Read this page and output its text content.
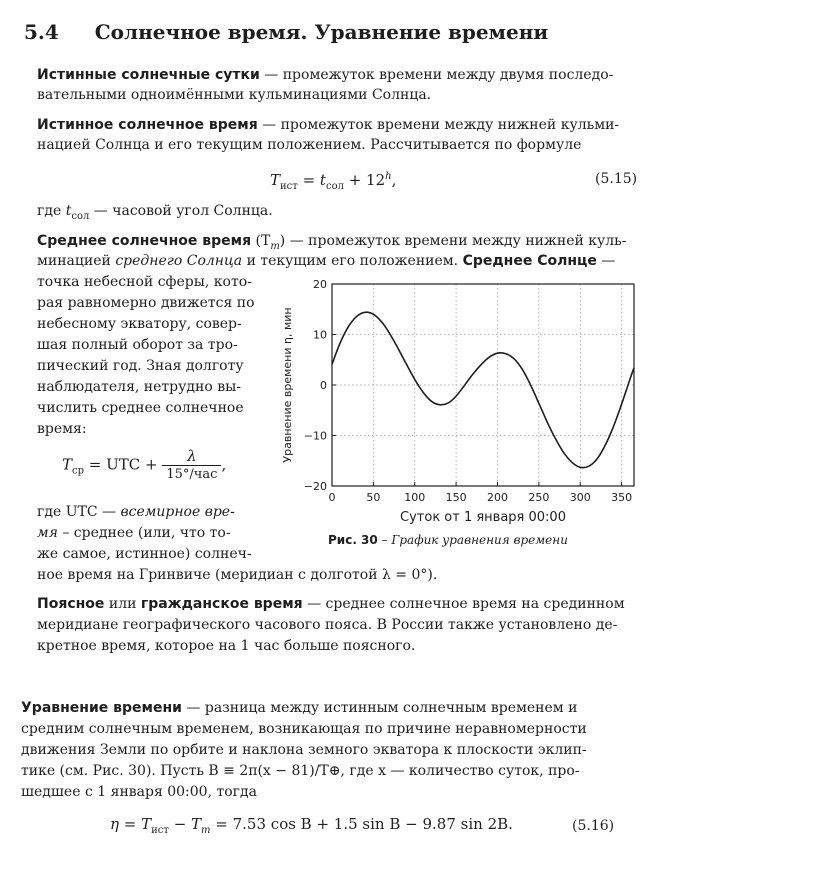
5.4 Солнечное время. Уравнение времени
Истинные солнечные сутки — промежуток времени между двумя последо-
вательными одноимёнными кульминациями Солнца.
Истинное солнечное время — промежуток времени между нижней кульми-
нацией Солнца и его текущим положением. Рассчитывается по формуле
$T_{ист} = t_{сол} + 12^h$,	(5.15)
где $t_{сол}$ — часовой угол Солнца.
Среднее солнечное время $(T_m)$ — промежуток времени между нижней куль-
минацией среднего Солнца и текущим его положением. Среднее Солнце —
точка небесной сферы, кото-
рая равномерно движется по
небесному экватору, совер-
шая полный оборот за тро-
пический год. Зная долготу
наблюдателя, нетрудно вы-
числить среднее солнечное
время:
$T_{ср}$ = UTC + $\frac{\lambda}{\text{15°/час}}$ ,
где UTC — всемирное вре-
мя – среднее (или, что то-
же самое, истинное) солнеч-
ное время на Гринвиче (меридиан с долготой λ = 0°).
Поясное или гражданское время — среднее солнечное время на срединном
меридиане географического часового пояса. В России также установлено де-
кретное время, которое на 1 час больше поясного.
Уравнение времени — разница между истинным солнечным временем и
средним солнечным временем, возникающая по причине неравномерности
движения Земли по орбите и наклона земного экватора к плоскости эклип-
тике (см. Рис. 30). Пусть B ≡ 2π(x − 81)/T⊕, где x — количество суток, про-
шедшее с 1 января 00:00, тогда
$\eta = T_{ист} - T_m = 7.53$ cos B + 1.5 sin B − 9.87 sin 2B.	(5.16)
0	50 100 150 200 250 300 350
−20
−10
0
10
20
Суток от 1 января 00:00
Уравнение времени η, мин
Рис. 30 – График уравнения времени
